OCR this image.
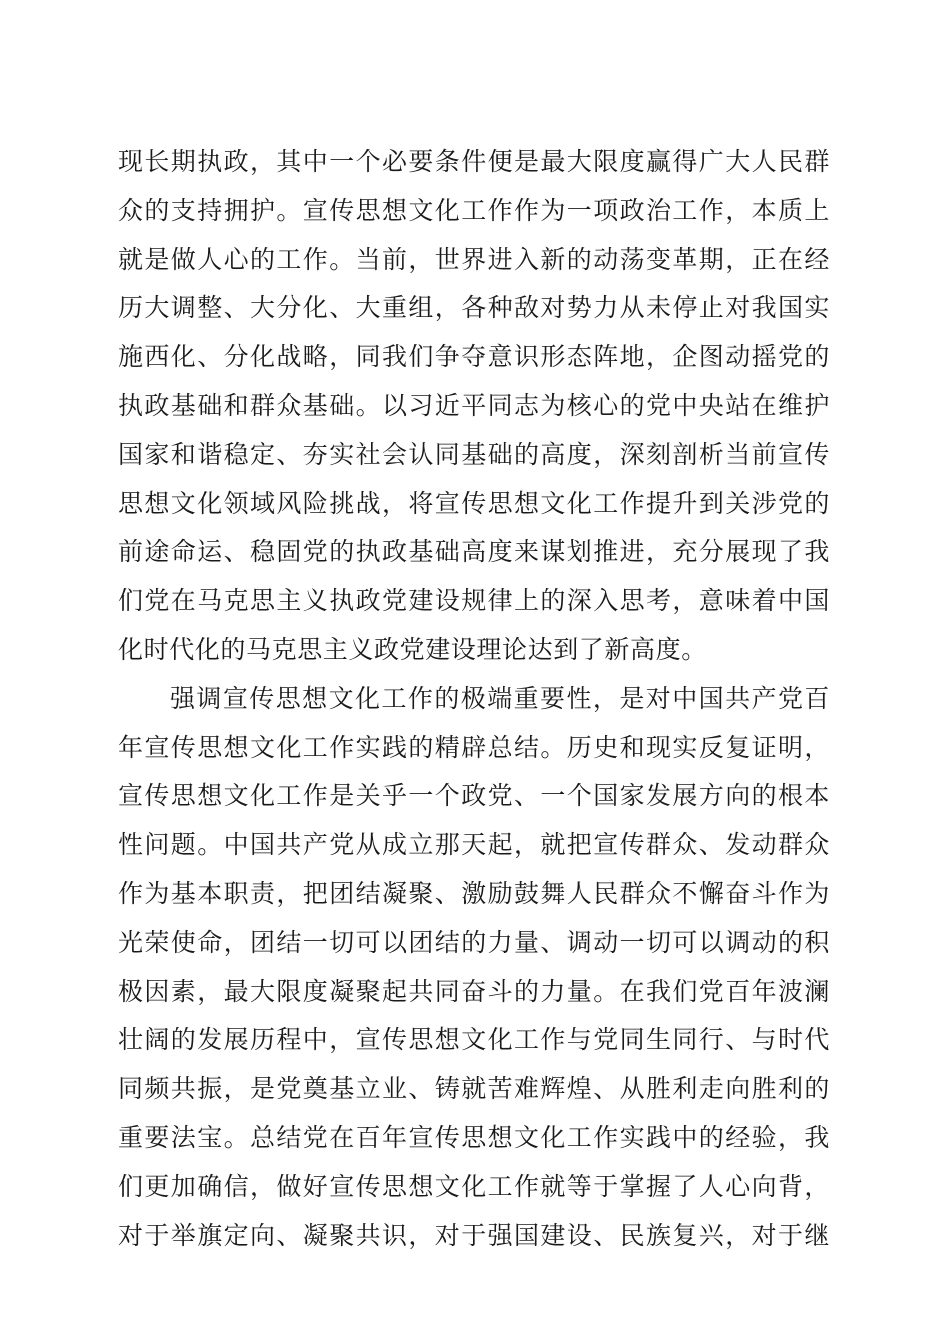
现长期执政，其中一个必要条件便是最大限度赢得广大人民群
众的支持拥护。宣传思想文化工作作为一项政治工作，本质上
就是做人心的工作。当前，世界进入新的动荡变革期，正在经
历大调整、大分化、大重组，各种敌对势力从未停止对我国实
施西化、分化战略，同我们争夺意识形态阵地，企图动摇党的
执政基础和群众基础。以习近平同志为核心的党中央站在维护
国家和谐稳定、夯实社会认同基础的高度，深刻剖析当前宣传
思想文化领域风险挑战，将宣传思想文化工作提升到关涉党的
前途命运、稳固党的执政基础高度来谋划推进，充分展现了我
们党在马克思主义执政党建设规律上的深入思考，意味着中国
化时代化的马克思主义政党建设理论达到了新高度。
强调宣传思想文化工作的极端重要性，是对中国共产党百
年宣传思想文化工作实践的精辟总结。历史和现实反复证明，
宣传思想文化工作是关乎一个政党、一个国家发展方向的根本
性问题。中国共产党从成立那天起，就把宣传群众、发动群众
作为基本职责，把团结凝聚、激励鼓舞人民群众不懈奋斗作为
光荣使命，团结一切可以团结的力量、调动一切可以调动的积
极因素，最大限度凝聚起共同奋斗的力量。在我们党百年波澜
壮阔的发展历程中，宣传思想文化工作与党同生同行、与时代
同频共振，是党奠基立业、铸就苦难辉煌、从胜利走向胜利的
重要法宝。总结党在百年宣传思想文化工作实践中的经验，我
们更加确信，做好宣传思想文化工作就等于掌握了人心向背，
对于举旗定向、凝聚共识，对于强国建设、民族复兴，对于继
